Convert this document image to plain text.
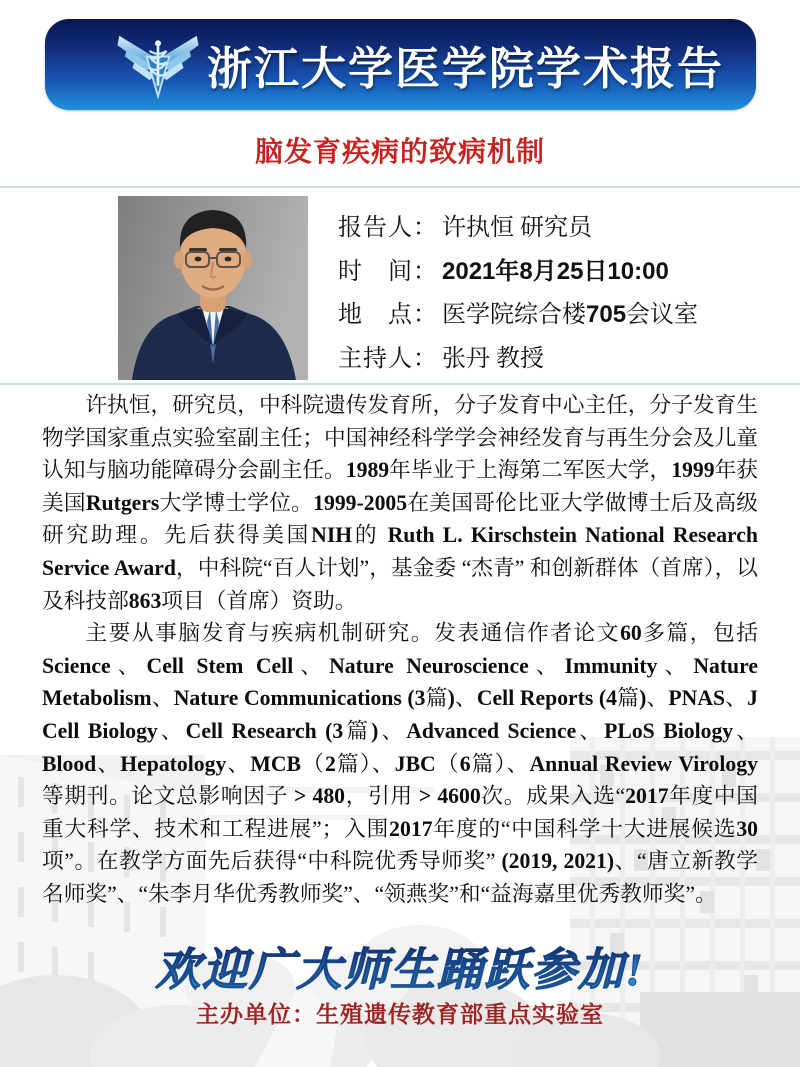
浙江大学医学院学术报告
脑发育疾病的致病机制
报告人： 许执恒 研究员
时　间： 2021年8月25日10:00
地　点： 医学院综合楼705会议室
主持人： 张丹 教授

许执恒，研究员，中科院遗传发育所，分子发育中心主任，分子发育生物学国家重点实验室副主任；中国神经科学学会神经发育与再生分会及儿童认知与脑功能障碍分会副主任。1989年毕业于上海第二军医大学，1999年获美国Rutgers大学博士学位。1999-2005在美国哥伦比亚大学做博士后及高级研究助理。先后获得美国NIH的 Ruth L. Kirschstein National Research Service Award，中科院“百人计划”，基金委 “杰青” 和创新群体（首席），以及科技部863项目（首席）资助。

主要从事脑发育与疾病机制研究。发表通信作者论文60多篇，包括Science、Cell Stem Cell、Nature Neuroscience、Immunity、Nature Metabolism、Nature Communications (3篇)、Cell Reports (4篇)、PNAS、J Cell Biology、Cell Research (3篇)、Advanced Science、PLoS Biology、Blood、Hepatology、MCB（2篇）、JBC（6篇）、Annual Review Virology等期刊。论文总影响因子 > 480，引用 > 4600次。成果入选“2017年度中国重大科学、技术和工程进展”；入围2017年度的“中国科学十大进展候选30项”。在教学方面先后获得“中科院优秀导师奖” (2019, 2021)、“唐立新教学名师奖”、“朱李月华优秀教师奖”、“领燕奖”和“益海嘉里优秀教师奖”。

欢迎广大师生踊跃参加!
主办单位：生殖遗传教育部重点实验室
